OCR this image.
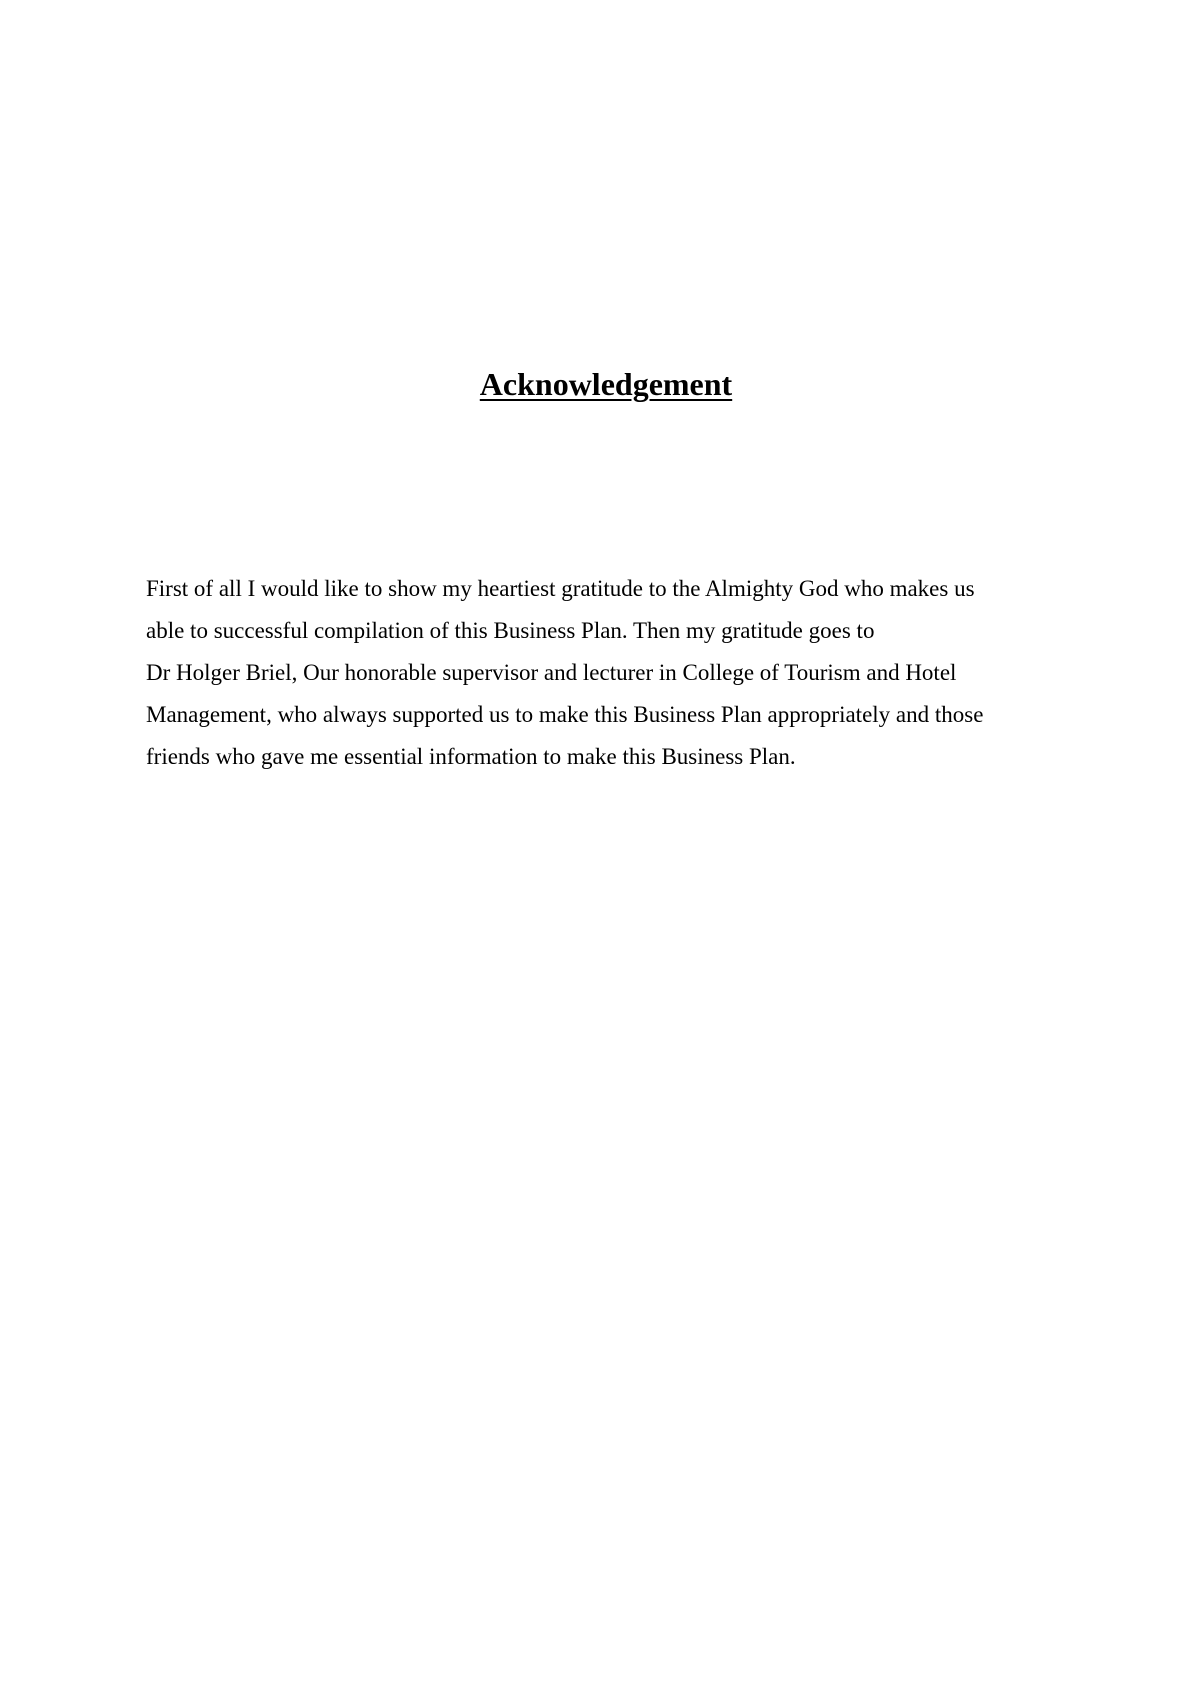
Acknowledgement

First of all I would like to show my heartiest gratitude to the Almighty God who makes us
able to successful compilation of this Business Plan. Then my gratitude goes to
Dr Holger Briel, Our honorable supervisor and lecturer in College of Tourism and Hotel
Management, who always supported us to make this Business Plan appropriately and those
friends who gave me essential information to make this Business Plan.
